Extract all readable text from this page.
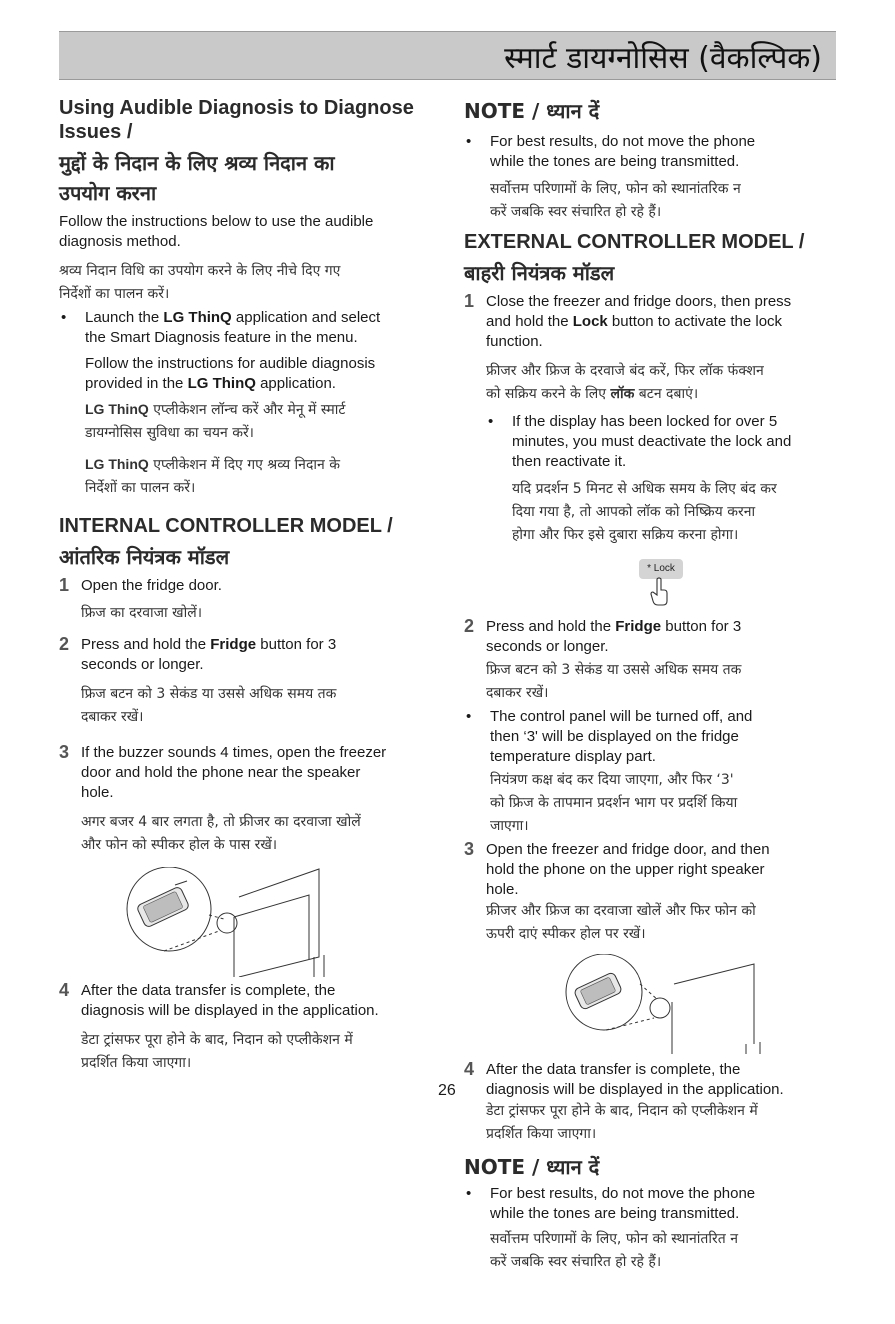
स्मार्ट डायग्नोसिस (वैकल्पिक)

Using Audible Diagnosis to Diagnose

Issues /

मुद्दों के निदान के लिए श्रव्य निदान का

उपयोग करना

Follow the instructions below to use the audible

diagnosis method.

श्रव्य निदान विधि का उपयोग करने के लिए नीचे दिए गए

निर्देशों का पालन करें।

• Launch the LG ThinQ application and select

the Smart Diagnosis feature in the menu.

Follow the instructions for audible diagnosis

provided in the LG ThinQ application.

LG ThinQ एप्लीकेशन लॉन्च करें और मेनू में स्मार्ट

डायग्नोसिस सुविधा का चयन करें।

LG ThinQ एप्लीकेशन में दिए गए श्रव्य निदान के

निर्देशों का पालन करें।

INTERNAL CONTROLLER MODEL /

आंतरिक नियंत्रक मॉडल

1 Open the fridge door.

फ्रिज का दरवाजा खोलें।

2 Press and hold the Fridge button for 3

seconds or longer.

फ्रिज बटन को 3 सेकंड या उससे अधिक समय तक

दबाकर रखें।

3 If the buzzer sounds 4 times, open the freezer

door and hold the phone near the speaker

hole.

अगर बजर 4 बार लगता है, तो फ्रीजर का दरवाजा खोलें

और फोन को स्पीकर होल के पास रखें।

4 After the data transfer is complete, the

diagnosis will be displayed in the application.

डेटा ट्रांसफर पूरा होने के बाद, निदान को एप्लीकेशन में

प्रदर्शित किया जाएगा।

NOTE / ध्यान दें

• For best results, do not move the phone

while the tones are being transmitted.

सर्वोत्तम परिणामों के लिए, फोन को स्थानांतरिक न

करें जबकि स्वर संचारित हो रहे हैं।

EXTERNAL CONTROLLER MODEL /

बाहरी नियंत्रक मॉडल

1 Close the freezer and fridge doors, then press

and hold the Lock button to activate the lock

function.

फ्रीजर और फ्रिज के दरवाजे बंद करें, फिर लॉक फंक्शन

को सक्रिय करने के लिए लॉक बटन दबाएं।

• If the display has been locked for over 5

minutes, you must deactivate the lock and

then reactivate it.

यदि प्रदर्शन 5 मिनट से अधिक समय के लिए बंद कर

दिया गया है, तो आपको लॉक को निष्क्रिय करना

होगा और फिर इसे दुबारा सक्रिय करना होगा।

* Lock
2 Press and hold the Fridge button for 3

seconds or longer.

फ्रिज बटन को 3 सेकंड या उससे अधिक समय तक

दबाकर रखें।

• The control panel will be turned off, and

then ‘3' will be displayed on the fridge

temperature display part.

नियंत्रण कक्ष बंद कर दिया जाएगा, और फिर ‘3'

को फ्रिज के तापमान प्रदर्शन भाग पर प्रदर्शि किया

जाएगा।

3 Open the freezer and fridge door, and then

hold the phone on the upper right speaker

hole.

फ्रीजर और फ्रिज का दरवाजा खोलें और फिर फोन को

ऊपरी दाएं स्पीकर होल पर रखें।

4 After the data transfer is complete, the

diagnosis will be displayed in the application.

डेटा ट्रांसफर पूरा होने के बाद, निदान को एप्लीकेशन में

प्रदर्शित किया जाएगा।

NOTE / ध्यान दें

• For best results, do not move the phone

while the tones are being transmitted.

सर्वोत्तम परिणामों के लिए, फोन को स्थानांतरित न

करें जबकि स्वर संचारित हो रहे हैं।

26
